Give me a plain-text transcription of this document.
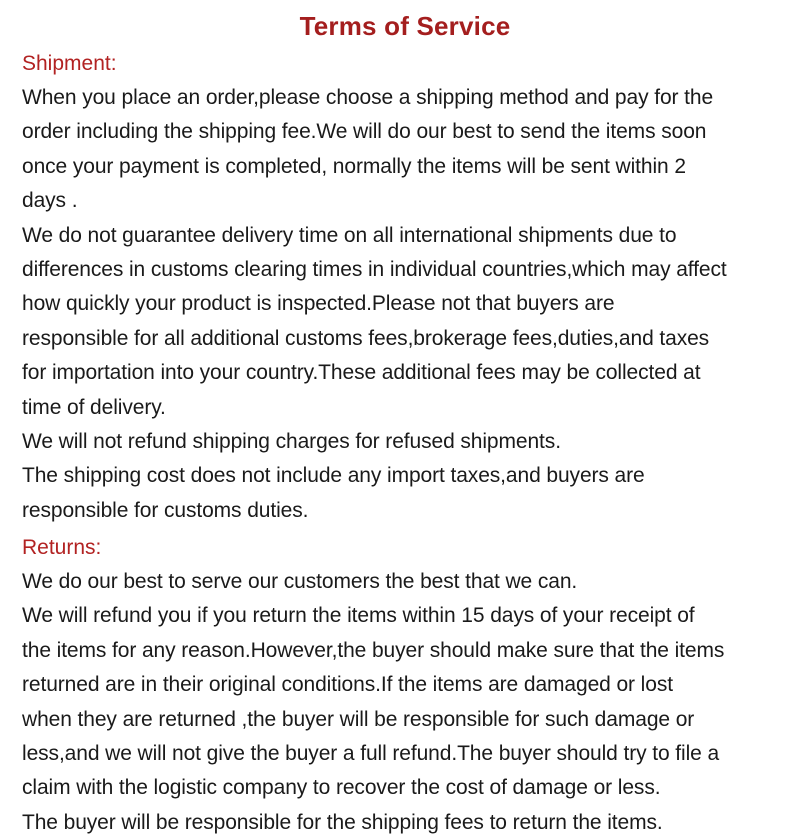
Terms of Service
Shipment:

When you place an order,please choose a shipping method and pay for the
order including the shipping fee.We will do our best to send the items soon
once your payment is completed, normally the items will be sent within 2
days .

We do not guarantee delivery time on all international shipments due to
differences in customs clearing times in individual countries,which may affect
how quickly your product is inspected.Please not that buyers are
responsible for all additional customs fees,brokerage fees,duties,and taxes
for importation into your country.These additional fees may be collected at
time of delivery.

We will not refund shipping charges for refused shipments.

The shipping cost does not include any import taxes,and buyers are
responsible for customs duties.

Returns:

We do our best to serve our customers the best that we can.

We will refund you if you return the items within 15 days of your receipt of
the items for any reason.However,the buyer should make sure that the items
returned are in their original conditions.If the items are damaged or lost
when they are returned ,the buyer will be responsible for such damage or
less,and we will not give the buyer a full refund.The buyer should try to file a
claim with the logistic company to recover the cost of damage or less.

The buyer will be responsible for the shipping fees to return the items.
